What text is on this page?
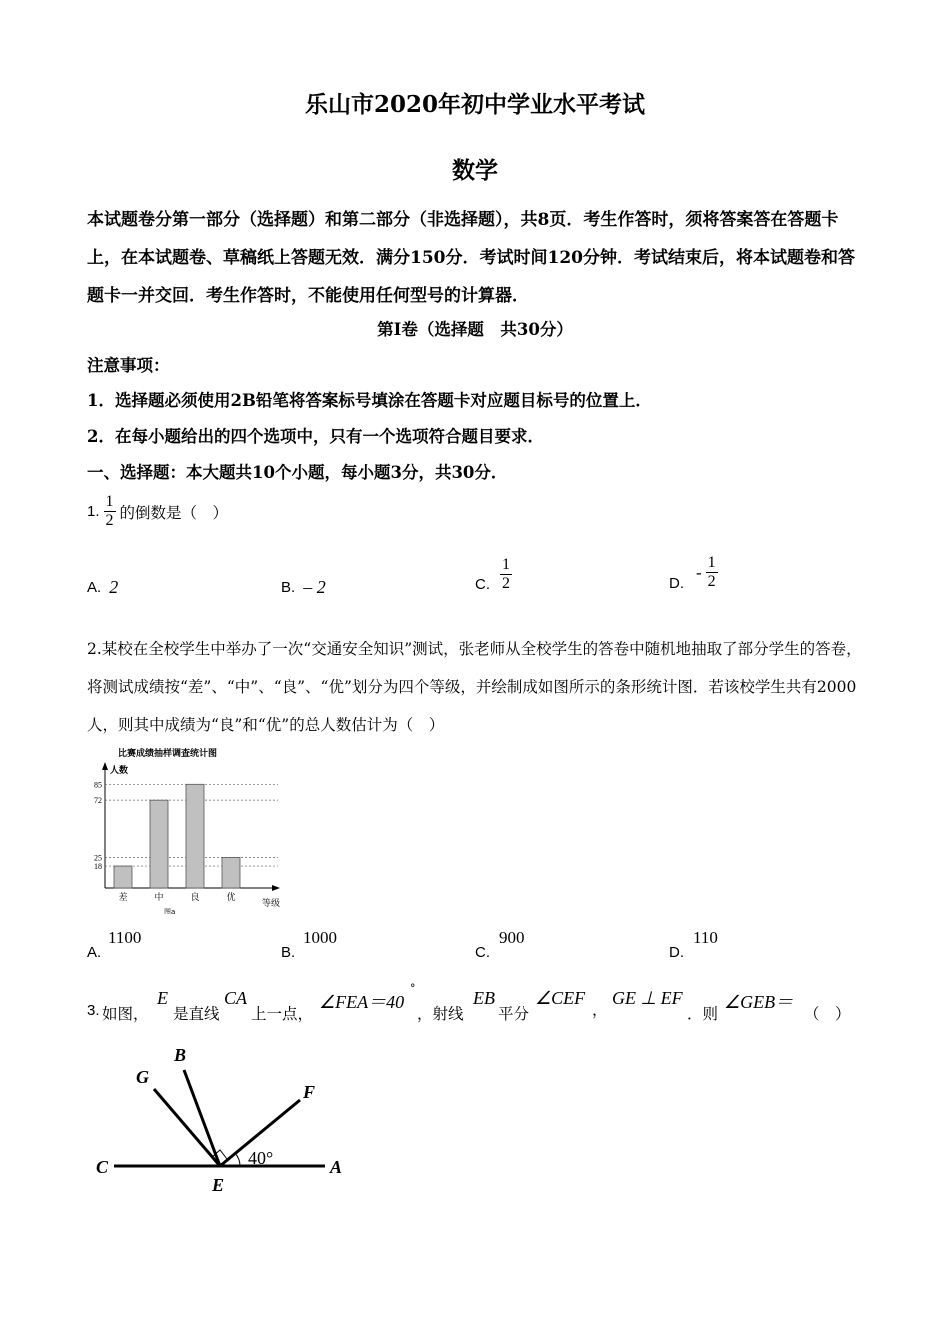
乐山市2020年初中学业水平考试
数学
本试题卷分第一部分（选择题）和第二部分（非选择题），共8页．考生作答时，须将答案答在答题卡上，在本试题卷、草稿纸上答题无效．满分150分．考试时间120分钟．考试结束后，将本试题卷和答题卡一并交回．考生作答时，不能使用任何型号的计算器．
第Ⅰ卷（选择题　共30分）
注意事项：
1．选择题必须使用2B铅笔将答案标号填涂在答题卡对应题目标号的位置上．
2．在每小题给出的四个选项中，只有一个选项符合题目要求．
一、选择题：本大题共10个小题，每小题3分，共30分．
1. $\frac{1}{2}$ 的倒数是（　）
A. 2	B. – 2	C. $\frac{1}{2}$	D.
- $\frac{1}{2}$
2.某校在全校学生中举办了一次“交通安全知识”测试，张老师从全校学生的答卷中随机地抽取了部分学生的答卷，将测试成绩按“差”、“中”、“良”、“优”划分为四个等级，并绘制成如图所示的条形统计图．若该校学生共有2000人，则其中成绩为“良”和“优”的总人数估计为（　）
比赛成绩抽样调查统计图
人数
等级
图a
18
25
72
85
差	中	良	优
A.
1100
B.
1000
C.
900
D.
110
3. 如图，
E
是直线
CA
上一点，
∠FEA＝40
°
，射线
EB
平分
∠CEF
，
GE ⊥ EF
．则
∠GEB＝
（　）
G
B
F
C
E
A
40°
